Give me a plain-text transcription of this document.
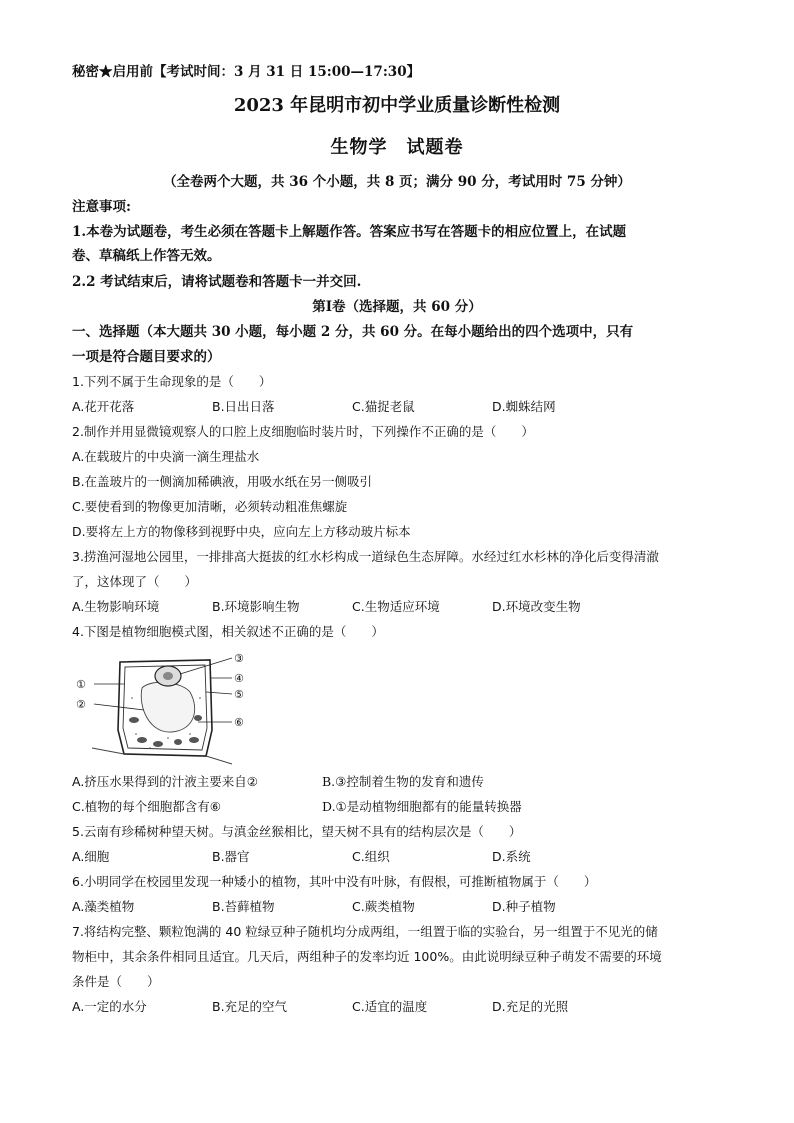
秘密★启用前【考试时间：3 月 31 日 15:00—17:30】
2023 年昆明市初中学业质量诊断性检测
生物学　试题卷
（全卷两个大题，共 36 个小题，共 8 页；满分 90 分，考试用时 75 分钟）
注意事项:
1.本卷为试题卷，考生必须在答题卡上解题作答。答案应书写在答题卡的相应位置上，在试题
卷、草稿纸上作答无效。
2.2 考试结束后，请将试题卷和答题卡一并交回.
第Ⅰ卷（选择题，共 60 分）
一、选择题（本大题共 30 小题，每小题 2 分，共 60 分。在每小题给出的四个选项中，只有
一项是符合题目要求的）
1.下列不属于生命现象的是（　　）
A.花开花落	B.日出日落	C.猫捉老鼠	D.蜘蛛结网
2.制作并用显微镜观察人的口腔上皮细胞临时装片时，下列操作不正确的是（　　）
A.在载玻片的中央滴一滴生理盐水
B.在盖玻片的一侧滴加稀碘液，用吸水纸在另一侧吸引
C.要使看到的物像更加清晰，必须转动粗准焦螺旋
D.要将左上方的物像移到视野中央，应向左上方移动玻片标本
3.捞渔河湿地公园里，一排排高大挺拔的红水杉构成一道绿色生态屏障。水经过红水杉林的净化后变得清澈
了，这体现了（　　）
A.生物影响环境	B.环境影响生物	C.生物适应环境	D.环境改变生物
4.下图是植物细胞模式图，相关叙述不正确的是（　　）
①
②
③
④
⑤
⑥
A.挤压水果得到的汁液主要来自②	B.③控制着生物的发育和遗传
C.植物的每个细胞都含有⑥	D.①是动植物细胞都有的能量转换器
5.云南有珍稀树种望天树。与滇金丝猴相比，望天树不具有的结构层次是（　　）
A.细胞	B.器官	C.组织	D.系统
6.小明同学在校园里发现一种矮小的植物，其叶中没有叶脉，有假根，可推断植物属于（　　）
A.藻类植物	B.苔藓植物	C.蕨类植物	D.种子植物
7.将结构完整、颗粒饱满的 40 粒绿豆种子随机均分成两组，一组置于临的实验台，另一组置于不见光的储
物柜中，其余条件相同且适宜。几天后，两组种子的发率均近 100%。由此说明绿豆种子萌发不需要的环境
条件是（　　）
A.一定的水分	B.充足的空气	C.适宜的温度	D.充足的光照
